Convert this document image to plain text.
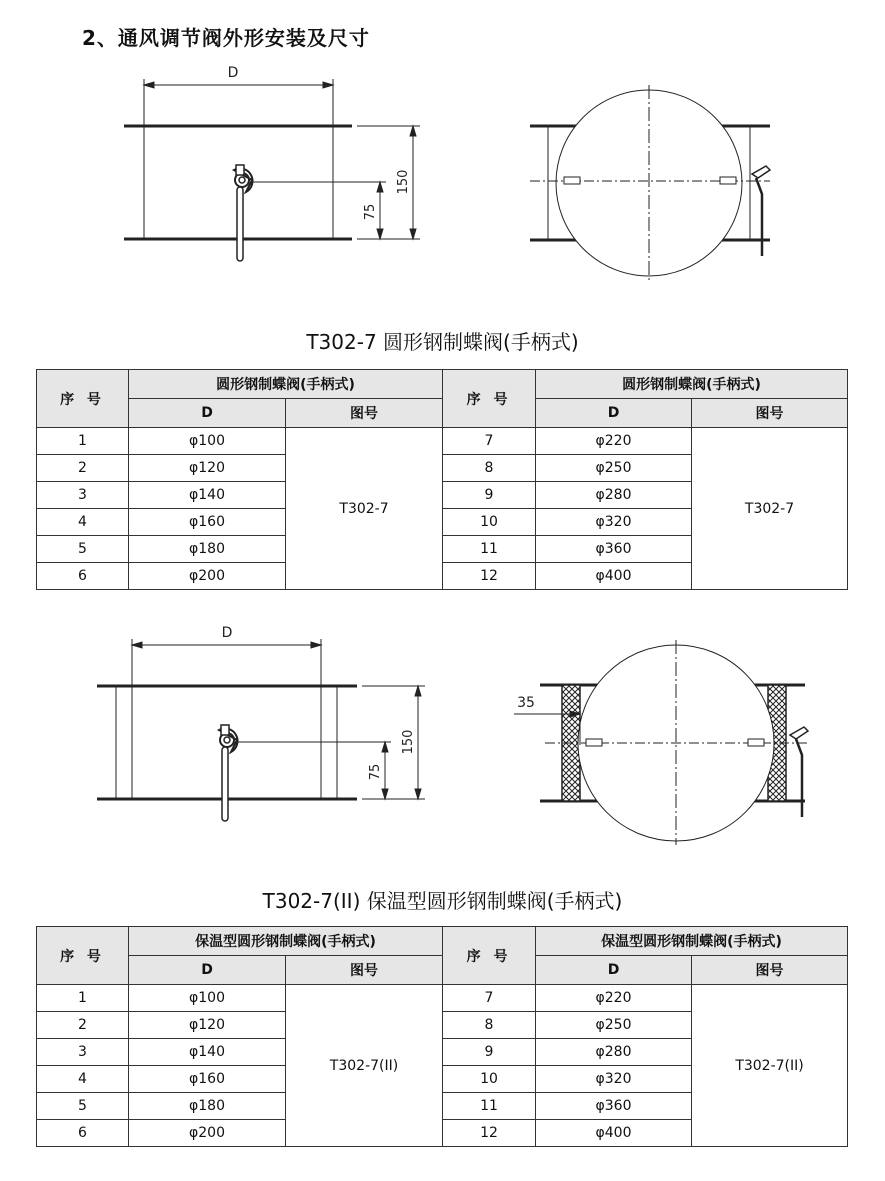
2、通风调节阀外形安装及尺寸
D
150
75
T302-7 圆形钢制蝶阀(手柄式)
序 号	圆形钢制蝶阀(手柄式)		序 号	圆形钢制蝶阀(手柄式)	
	D	图号		D	图号
1	φ100	T302-7	7	φ220	T302-7
2	φ120		8	φ250	
3	φ140		9	φ280	
4	φ160		10	φ320	
5	φ180		11	φ360	
6	φ200		12	φ400	
D
150
75
35
T302-7(II) 保温型圆形钢制蝶阀(手柄式)
序 号	保温型圆形钢制蝶阀(手柄式)		序 号	保温型圆形钢制蝶阀(手柄式)	
	D	图号		D	图号
1	φ100	T302-7(II)	7	φ220	T302-7(II)
2	φ120		8	φ250	
3	φ140		9	φ280	
4	φ160		10	φ320	
5	φ180		11	φ360	
6	φ200		12	φ400	
